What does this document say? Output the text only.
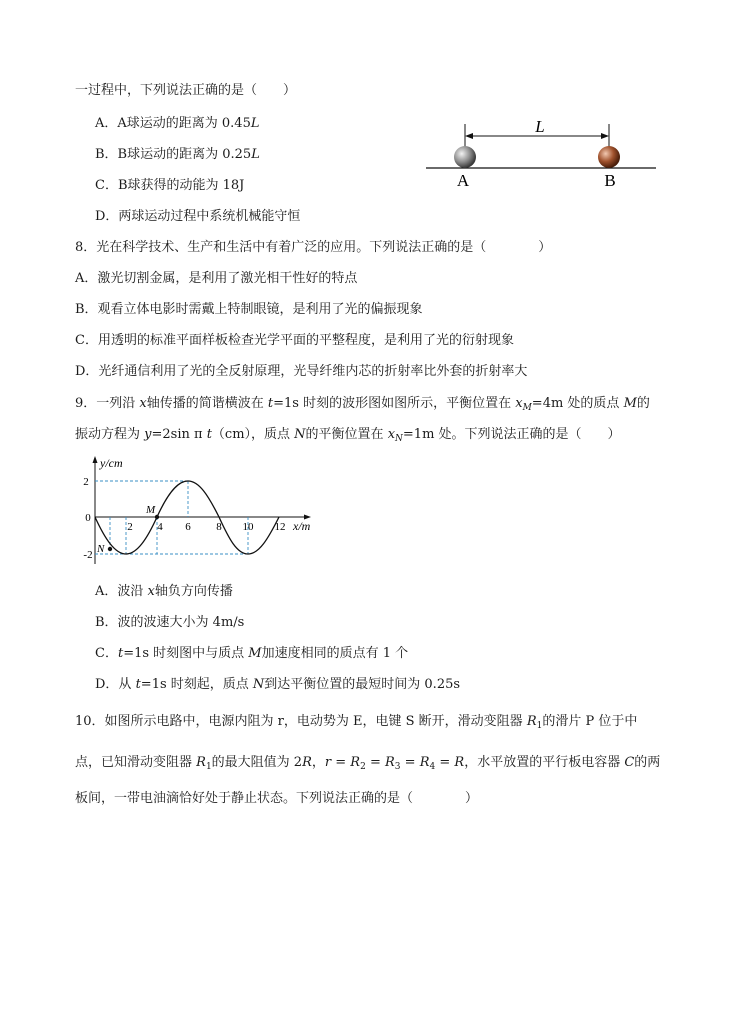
一过程中，下列说法正确的是（　　）
A．A球运动的距离为 0.45L
B．B球运动的距离为 0.25L
C．B球获得的动能为 18J
D．两球运动过程中系统机械能守恒
L
A	B
8．光在科学技术、生产和生活中有着广泛的应用。下列说法正确的是（　　　　）
A．激光切割金属，是利用了激光相干性好的特点
B．观看立体电影时需戴上特制眼镜，是利用了光的偏振现象
C．用透明的标准平面样板检查光学平面的平整程度，是利用了光的衍射现象
D．光纤通信利用了光的全反射原理，光导纤维内芯的折射率比外套的折射率大
9．一列沿 x轴传播的简谐横波在 t=1s 时刻的波形图如图所示，平衡位置在 $x_M=4m$ 处的质点 M的
振动方程为 y=2sin π t（cm），质点 N的平衡位置在 $x_N=1m$ 处。下列说法正确的是（　　）
y/cm
x/m
2
0
-2
2 4 6 8 10 12
M
N
A．波沿 x轴负方向传播
B．波的波速大小为 4m/s
C．t=1s 时刻图中与质点 M加速度相同的质点有 1 个
D．从 t=1s 时刻起，质点 N到达平衡位置的最短时间为 0.25s
10．如图所示电路中，电源内阻为 r，电动势为 E，电键 S 断开，滑动变阻器 $R_1$的滑片 P 位于中
点，已知滑动变阻器 $R_1$的最大阻值为 2R，$r = R_2 = R_3 = R_4 = R$，水平放置的平行板电容器 C的两
板间，一带电油滴恰好处于静止状态。下列说法正确的是（　　　　）
